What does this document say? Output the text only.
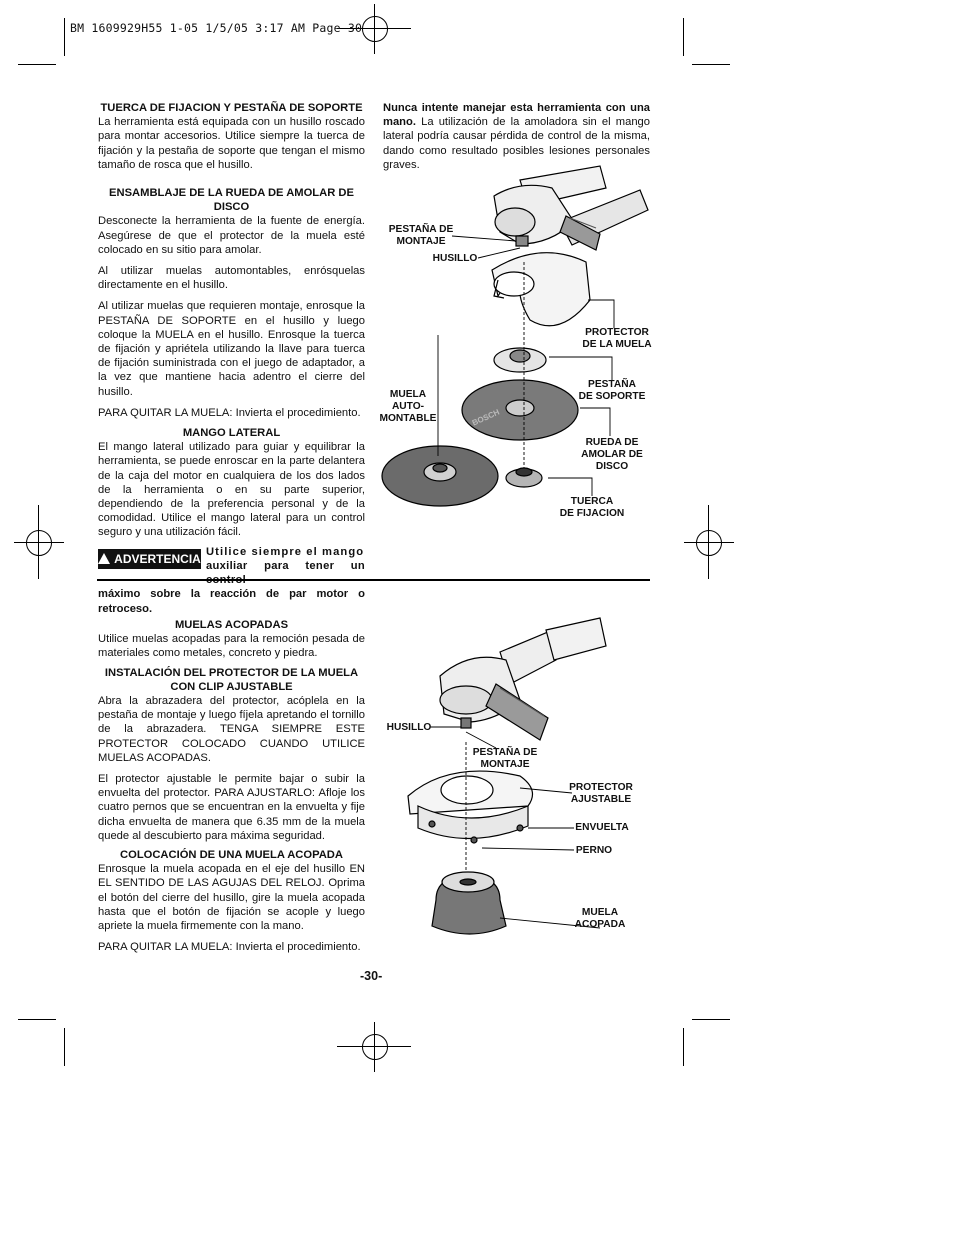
BM 1609929H55 1-05 1/5/05 3:17 AM Page 30

TUERCA DE FIJACION Y PESTAÑA DE SOPORTE

La herramienta está equipada con un husillo roscado para montar accesorios. Utilice siempre la tuerca de fijación y la pestaña de soporte que tengan el mismo tamaño de rosca que el husillo.

ENSAMBLAJE DE LA RUEDA DE AMOLAR DE DISCO

Desconecte la herramienta de la fuente de energía. Asegúrese de que el protector de la muela esté colocado en su sitio para amolar.

Al utilizar muelas automontables, enrósquelas directamente en el husillo.

Al utilizar muelas que requieren montaje, enrosque la PESTAÑA DE SOPORTE en el husillo y luego coloque la MUELA en el husillo. Enrosque la tuerca de fijación y apriétela utilizando la llave para tuerca de fijación suministrada con el juego de adaptador, a la vez que mantiene hacia adentro el cierre del husillo.

PARA QUITAR LA MUELA: Invierta el procedimiento.

MANGO LATERAL

El mango lateral utilizado para guiar y equilibrar la herramienta, se puede enroscar en la parte delantera de la caja del motor en cualquiera de los dos lados de la herramienta o en su parte superior, dependiendo de la preferencia personal y de la comodidad. Utilice el mango lateral para un control seguro y una utilización fácil.

ADVERTENCIA Utilice siempre el mango
auxiliar para tener un
máximo sobre la reacción de par motor o retroceso.

Nunca intente manejar esta herramienta con una mano. La utilización de la amoladora sin el mango lateral podría causar pérdida de control de la misma, dando como resultado posibles lesiones personales graves.

PESTAÑA DE
MONTAJE
HUSILLO
PROTECTOR
DE LA MUELA
PESTAÑA
DE SOPORTE
MUELA
AUTO-
MONTABLE
RUEDA DE
AMOLAR DE
DISCO
TUERCA
DE FIJACION
BOSCH

MUELAS ACOPADAS

Utilice muelas acopadas para la remoción pesada de materiales como metales, concreto y piedra.

INSTALACIÓN DEL PROTECTOR DE LA MUELA
CON CLIP AJUSTABLE

Abra la abrazadera del protector, acóplela en la pestaña de montaje y luego fíjela apretando el tornillo de la abrazadera. TENGA SIEMPRE ESTE PROTECTOR COLOCADO CUANDO UTILICE MUELAS ACOPADAS.

El protector ajustable le permite bajar o subir la envuelta del protector. PARA AJUSTARLO: Afloje los cuatro pernos que se encuentran en la envuelta y fije dicha envuelta de manera que 6.35 mm de la muela quede al descubierto para máxima seguridad.

COLOCACIÓN DE UNA MUELA ACOPADA

Enrosque la muela acopada en el eje del husillo EN EL SENTIDO DE LAS AGUJAS DEL RELOJ. Oprima el botón del cierre del husillo, gire la muela acopada hasta que el botón de fijación se acople y luego apriete la muela firmemente con la mano.

PARA QUITAR LA MUELA: Invierta el procedimiento.

HUSILLO
PESTAÑA DE
MONTAJE
PROTECTOR
AJUSTABLE
ENVUELTA
PERNO
MUELA
ACOPADA
-30-
